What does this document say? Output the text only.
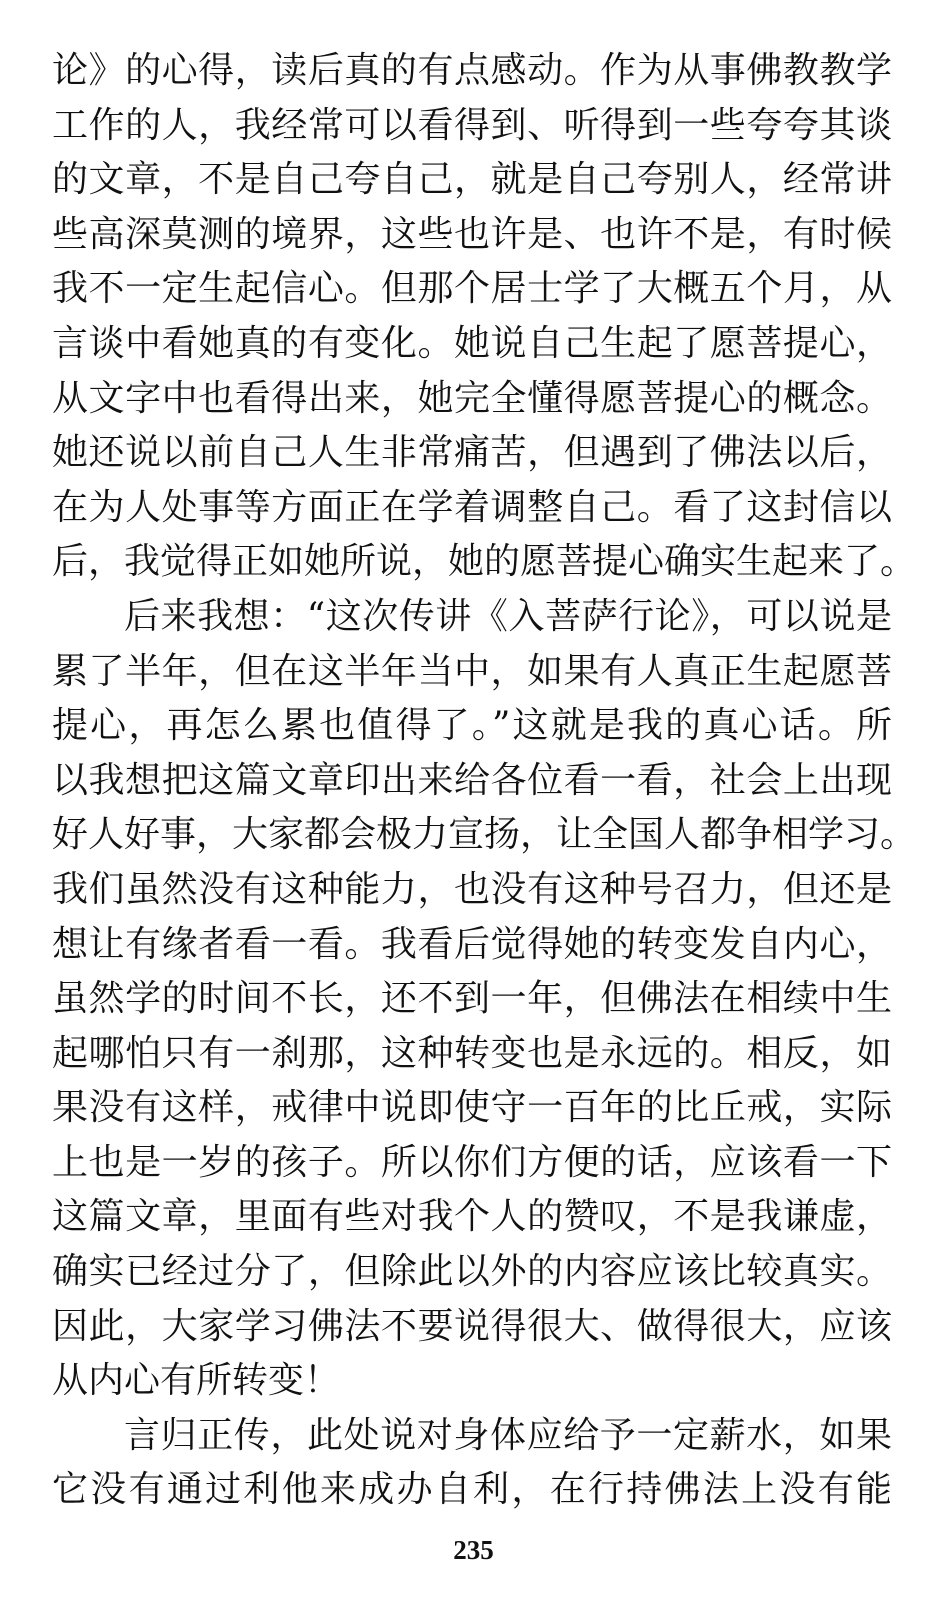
论》的心得，读后真的有点感动。作为从事佛教教学
工作的人，我经常可以看得到、听得到一些夸夸其谈
的文章，不是自己夸自己，就是自己夸别人，经常讲
些高深莫测的境界，这些也许是、也许不是，有时候
我不一定生起信心。但那个居士学了大概五个月，从
言谈中看她真的有变化。她说自己生起了愿菩提心，
从文字中也看得出来，她完全懂得愿菩提心的概念。
她还说以前自己人生非常痛苦，但遇到了佛法以后，
在为人处事等方面正在学着调整自己。看了这封信以
后，我觉得正如她所说，她的愿菩提心确实生起来了。
后来我想：“这次传讲《入菩萨行论》，可以说是
累了半年，但在这半年当中，如果有人真正生起愿菩
提心，再怎么累也值得了。”这就是我的真心话。所
以我想把这篇文章印出来给各位看一看，社会上出现
好人好事，大家都会极力宣扬，让全国人都争相学习。
我们虽然没有这种能力，也没有这种号召力，但还是
想让有缘者看一看。我看后觉得她的转变发自内心，
虽然学的时间不长，还不到一年，但佛法在相续中生
起哪怕只有一刹那，这种转变也是永远的。相反，如
果没有这样，戒律中说即使守一百年的比丘戒，实际
上也是一岁的孩子。所以你们方便的话，应该看一下
这篇文章，里面有些对我个人的赞叹，不是我谦虚，
确实已经过分了，但除此以外的内容应该比较真实。
因此，大家学习佛法不要说得很大、做得很大，应该
从内心有所转变！
言归正传，此处说对身体应给予一定薪水，如果
它没有通过利他来成办自利，在行持佛法上没有能
235
